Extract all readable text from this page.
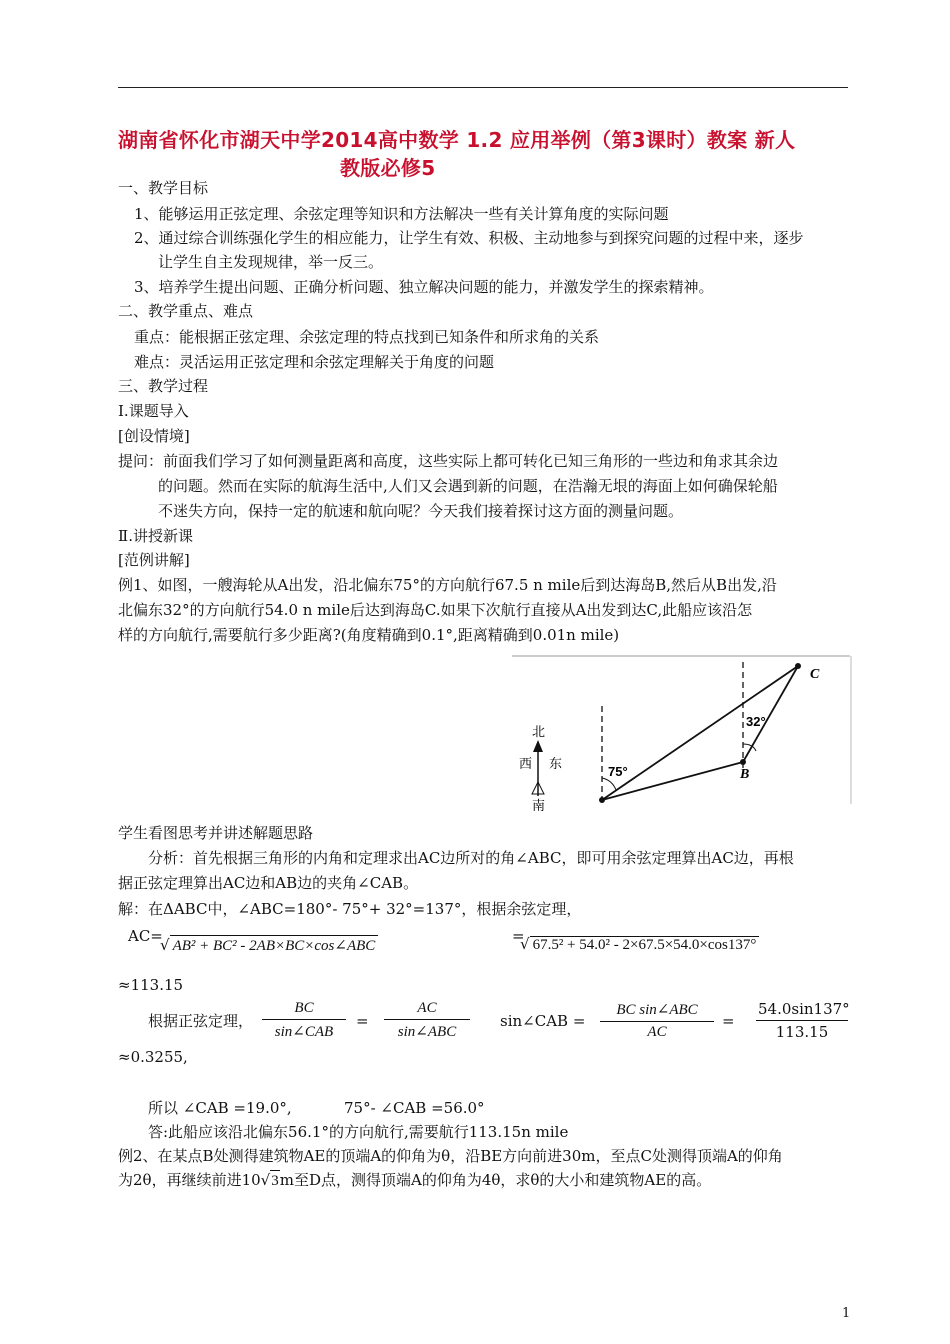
湖南省怀化市湖天中学2014高中数学 1.2 应用举例（第3课时）教案 新人
教版必修5
一、教学目标
1、能够运用正弦定理、余弦定理等知识和方法解决一些有关计算角度的实际问题
2、通过综合训练强化学生的相应能力，让学生有效、积极、主动地参与到探究问题的过程中来，逐步
让学生自主发现规律，举一反三。
3、培养学生提出问题、正确分析问题、独立解决问题的能力，并激发学生的探索精神。
二、教学重点、难点
重点：能根据正弦定理、余弦定理的特点找到已知条件和所求角的关系
难点：灵活运用正弦定理和余弦定理解关于角度的问题
三、教学过程
Ⅰ.课题导入
[创设情境]
提问：前面我们学习了如何测量距离和高度，这些实际上都可转化已知三角形的一些边和角求其余边
的问题。然而在实际的航海生活中,人们又会遇到新的问题，在浩瀚无垠的海面上如何确保轮船
不迷失方向，保持一定的航速和航向呢？今天我们接着探讨这方面的测量问题。
Ⅱ.讲授新课
[范例讲解]
例1、如图，一艘海轮从A出发，沿北偏东75°的方向航行67.5 n mile后到达海岛B,然后从B出发,沿
北偏东32°的方向航行54.0 n mile后达到海岛C.如果下次航行直接从A出发到达C,此船应该沿怎
样的方向航行,需要航行多少距离?(角度精确到0.1°,距离精确到0.01n mile)
C
B
32°
75°
北
西 东
南
学生看图思考并讲述解题思路
分析：首先根据三角形的内角和定理求出AC边所对的角∠ABC，即可用余弦定理算出AC边，再根
据正弦定理算出AC边和AB边的夹角∠CAB。
解：在ΔABC中，∠ABC=180°- 75°+ 32°=137°，根据余弦定理，
AC=
√ AB² + BC² - 2AB×BC×cos∠ABC
=
√ 67.5² + 54.0² - 2×67.5×54.0×cos137°
≈113.15
根据正弦定理，
BC
sin∠CAB
=
AC
sin∠ABC
sin∠CAB =
BC sin∠ABC
AC
=
54.0sin137°
113.15
≈0.3255,
所以 ∠CAB =19.0°,	75°- ∠CAB =56.0°
答:此船应该沿北偏东56.1°的方向航行,需要航行113.15n mile
例2、在某点B处测得建筑物AE的顶端A的仰角为θ，沿BE方向前进30m，至点C处测得顶端A的仰角
为2θ，再继续前进10√3m至D点，测得顶端A的仰角为4θ，求θ的大小和建筑物AE的高。
1
